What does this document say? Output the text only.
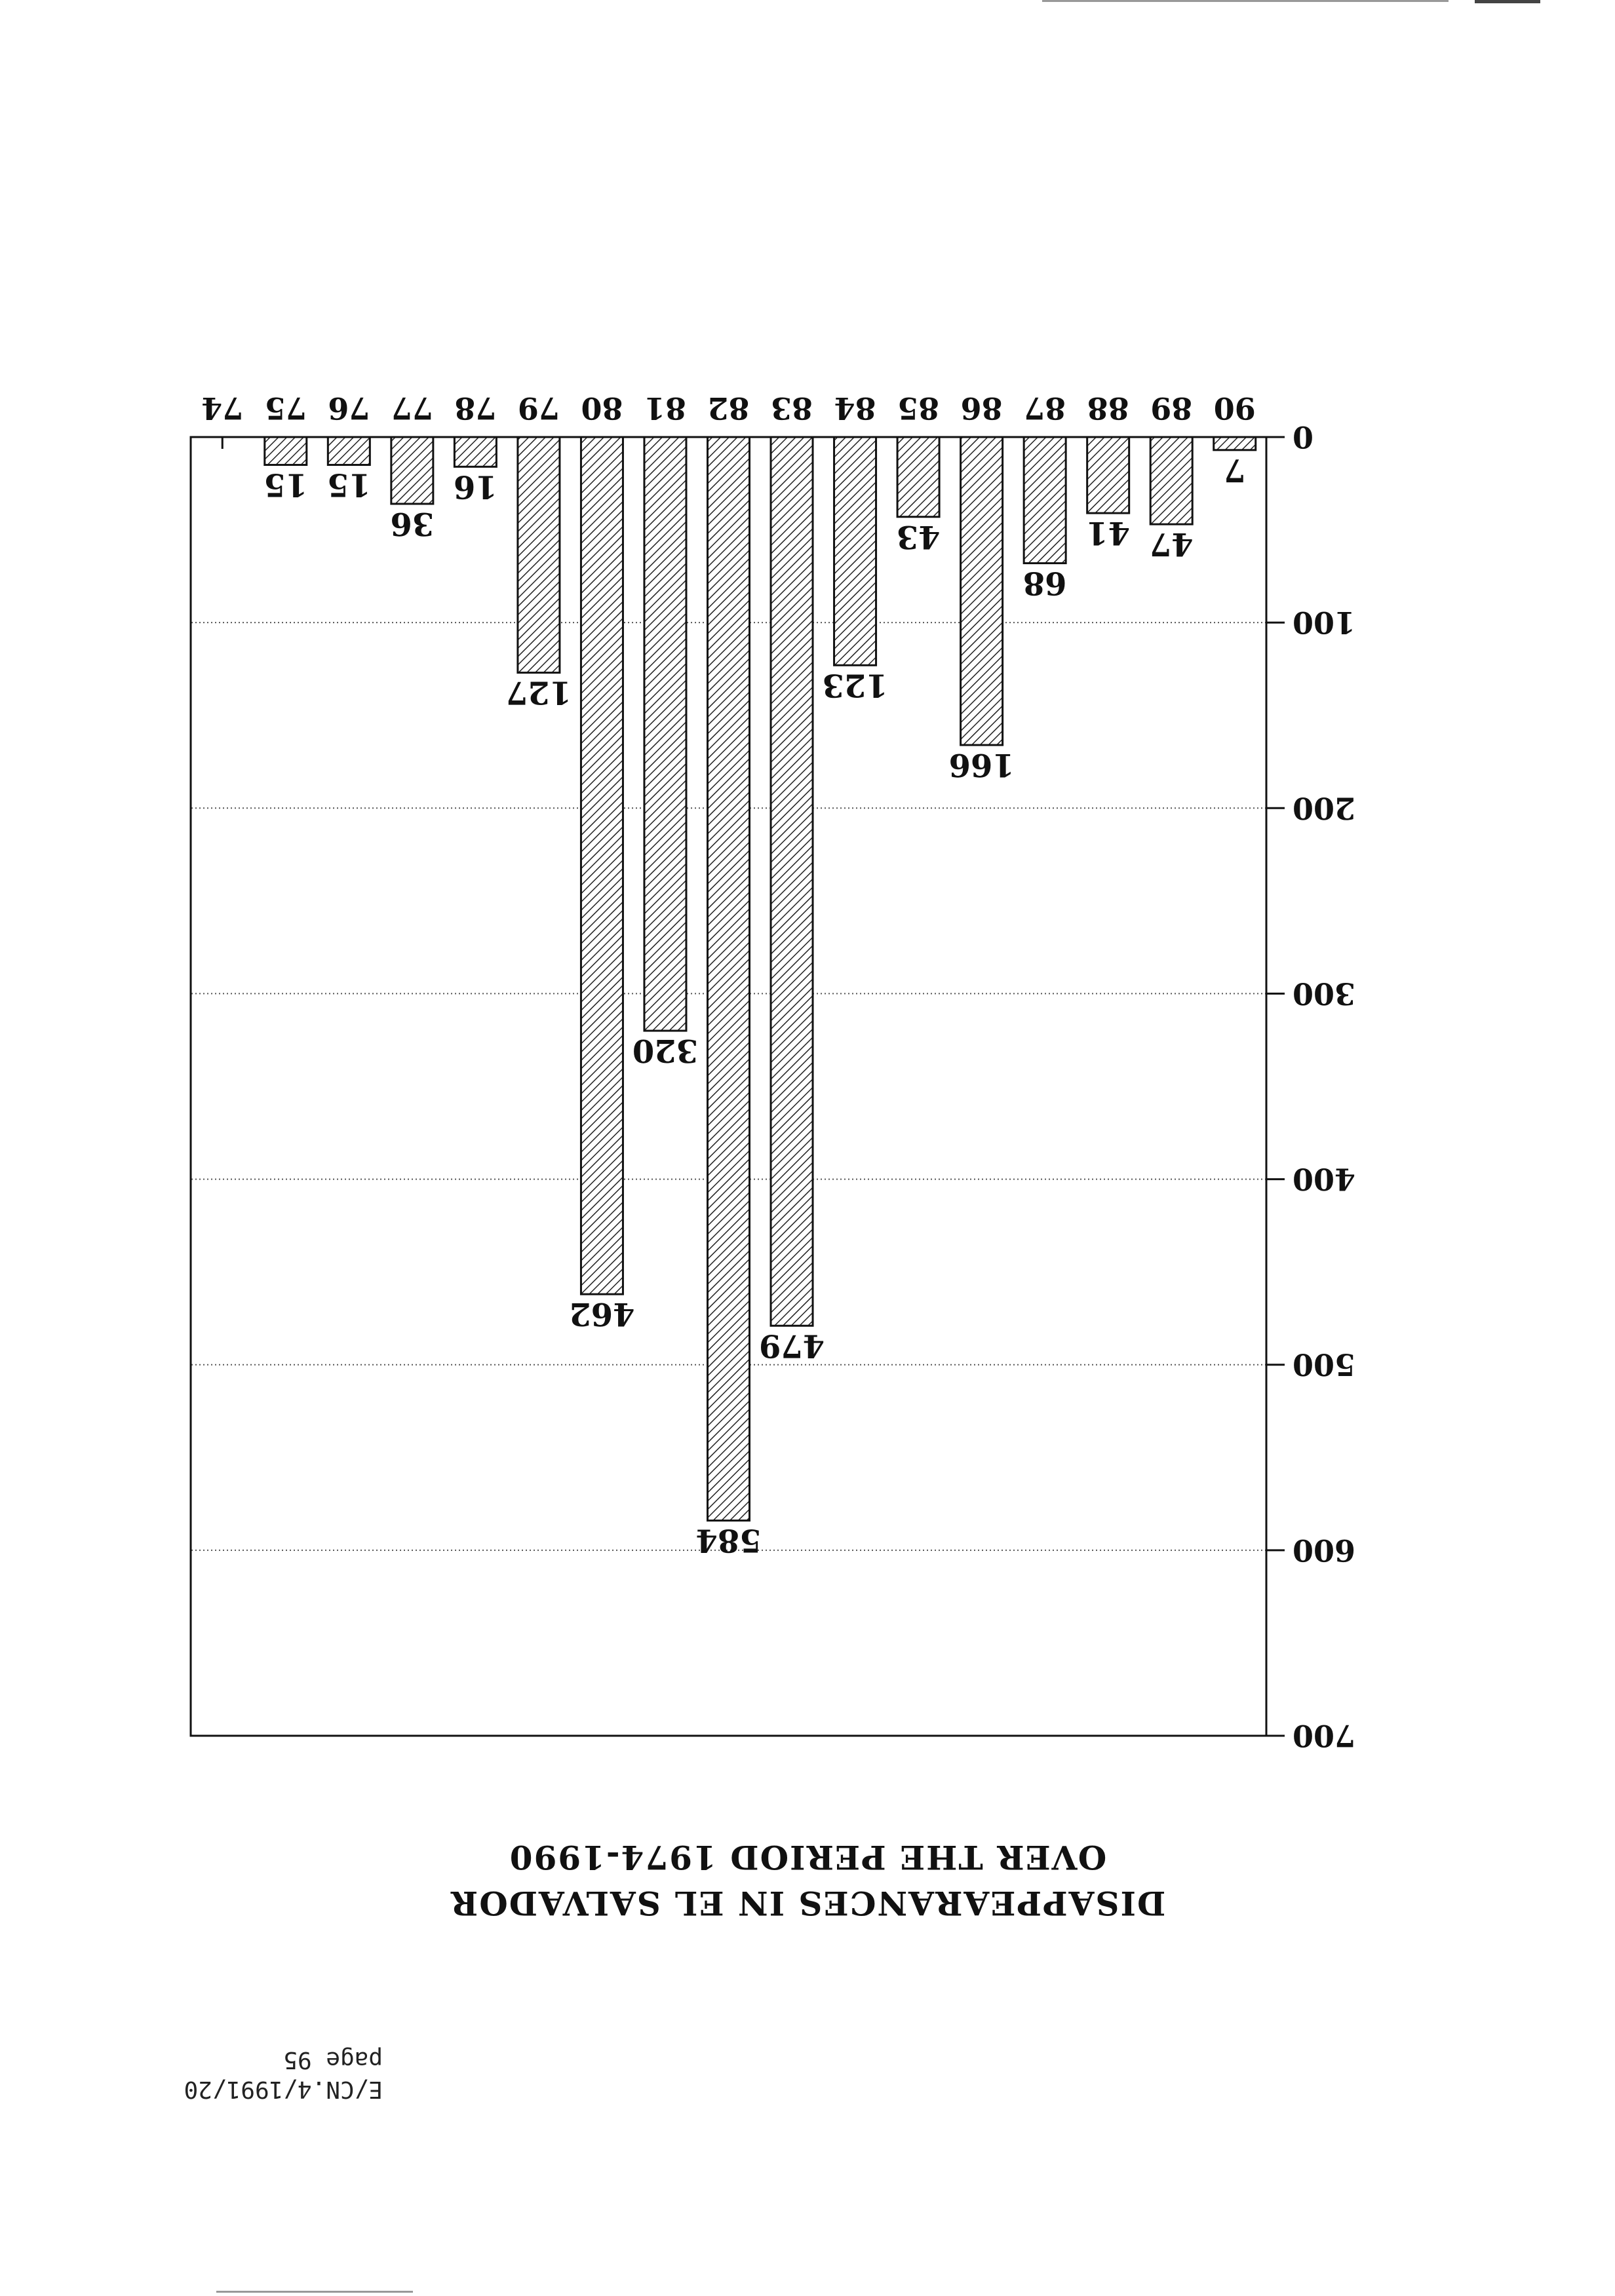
E/CN.4/1991/20
page 95
DISAPPEARANCES IN EL SALVADOR
OVER THE PERIOD 1974-1990
0
100
200
300
400
500
600
700
74 75
15
76
15
77
36
78
16
79
127
80
462
81
320
82
584
83
479
84
123
85
43
86
166
87
68
88
41
89
47
90
7
